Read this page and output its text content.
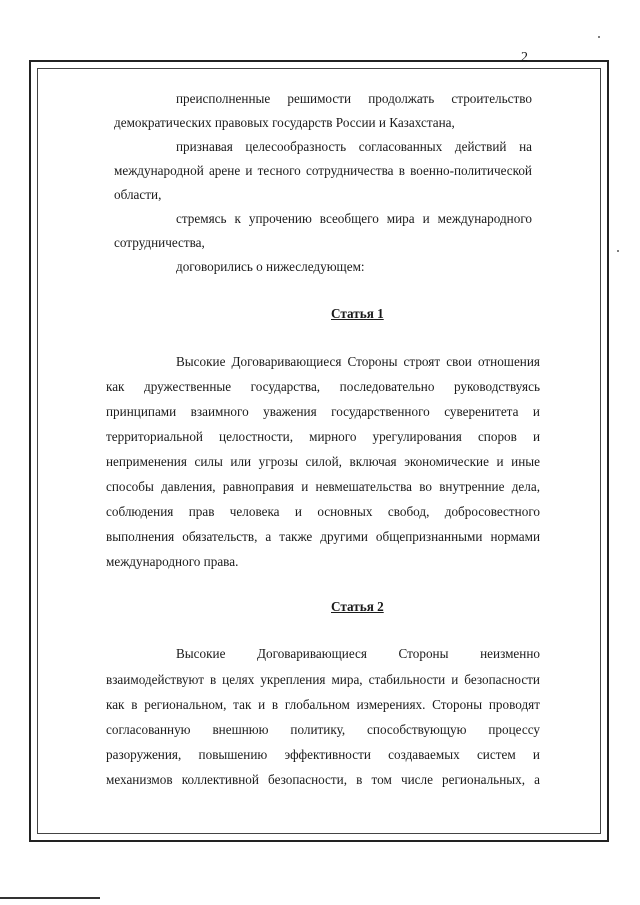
2
преисполненные решимости продолжать строительство
демократических правовых государств России и Казахстана,
признавая целесообразность согласованных действий на
международной арене и тесного сотрудничества в военно-политической
области,
стремясь к упрочению всеобщего мира и международного
сотрудничества,
договорились о нижеследующем:
Статья 1
Высокие Договаривающиеся Стороны строят свои отношения
как дружественные государства, последовательно руководствуясь
принципами взаимного уважения государственного суверенитета и
территориальной целостности, мирного урегулирования споров и
неприменения силы или угрозы силой, включая экономические и иные
способы давления, равноправия и невмешательства во внутренние дела,
соблюдения прав человека и основных свобод, добросовестного
выполнения обязательств, а также другими общепризнанными нормами
международного права.
Статья 2
Высокие Договаривающиеся Стороны неизменно
взаимодействуют в целях укрепления мира, стабильности и безопасности
как в региональном, так и в глобальном измерениях. Стороны проводят
согласованную внешнюю политику, способствующую процессу
разоружения, повышению эффективности создаваемых систем и
механизмов коллективной безопасности, в том числе региональных, а
